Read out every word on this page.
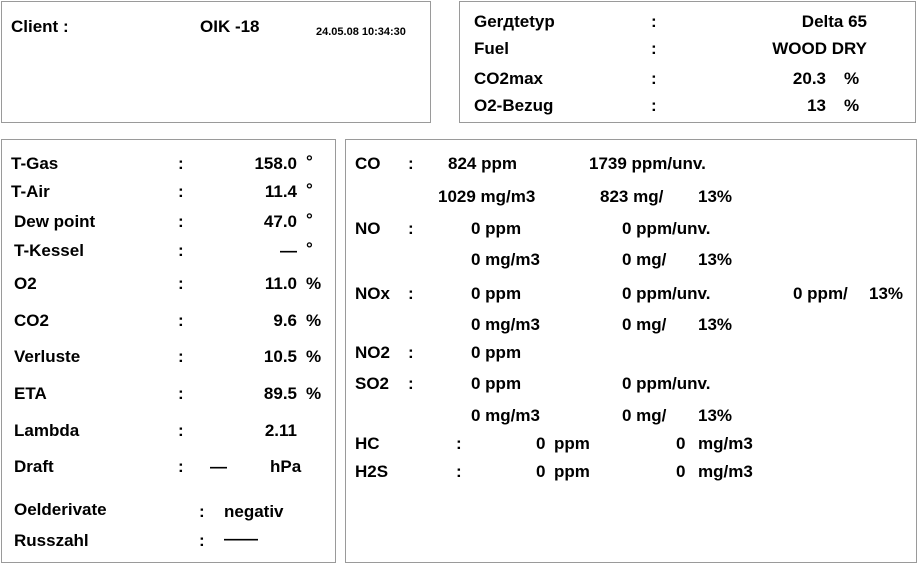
Client :	OIK -18	24.05.08 10:34:30
Gerдtetyp	:	Delta 65
Fuel	:	WOOD DRY
CO2max	:	20.3 %
O2-Bezug	:	13 %
T-Gas	:	158.0 °
T-Air	:	11.4 °
Dew point	:	47.0 °
T-Kessel	:	— °
O2	:	11.0 %
CO2	:	9.6 %
Verluste	:	10.5 %
ETA	:	89.5 %
Lambda	:	2.11
Draft	: —	hPa
Oelderivate	: negativ
Russzahl	: ——
CO : 824 ppm	1739 ppm/unv.
1029 mg/m3	823 mg/ 13%
NO :	0 ppm	0 ppm/unv.
0 mg/m3	0 mg/ 13%
NOx :	0 ppm	0 ppm/unv.	0 ppm/ 13%
0 mg/m3	0 mg/ 13%
NO2 :	0 ppm
SO2 :	0 ppm	0 ppm/unv.
0 mg/m3	0 mg/ 13%
HC	:	0 ppm	0 mg/m3
H2S	:	0 ppm	0 mg/m3
